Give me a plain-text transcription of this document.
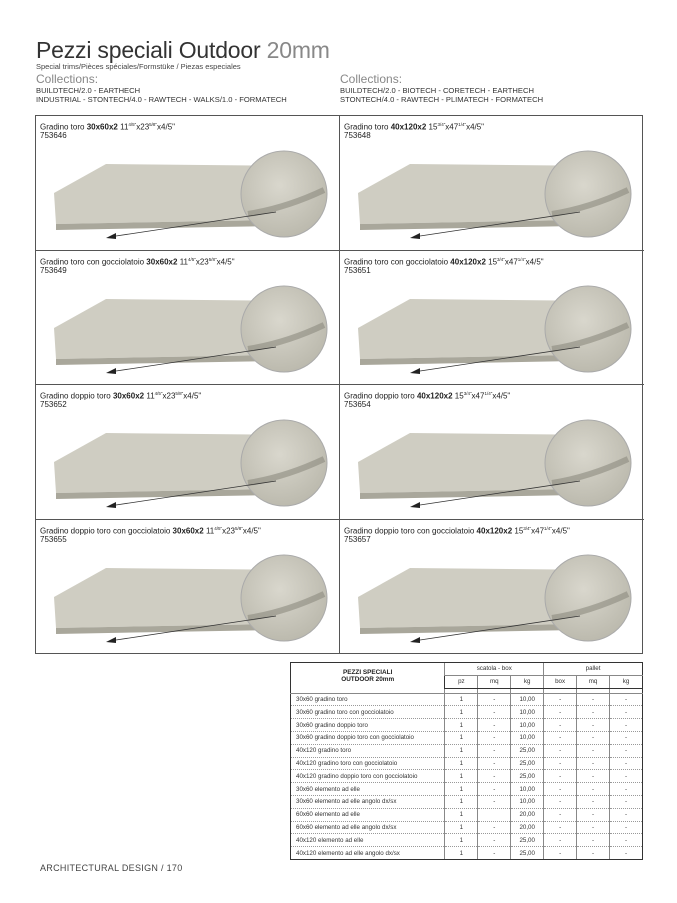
Pezzi speciali Outdoor 20mm
Special trims/Pièces spéciales/Formstüke / Piezas especiales
Collections:
BUILDTECH/2.0 - EARTHECH
INDUSTRIAL - STONTECH/4.0 - RAWTECH - WALKS/1.0 - FORMATECH
Collections:
BUILDTECH/2.0 - BIOTECH - CORETECH - EARTHECH
STONTECH/4.0 - RAWTECH - PLIMATECH - FORMATECH
Gradino toro 30x60x2 $11^{4/5"}x23^{5/8"}x4/5$"
753646
Gradino toro 40x120x2 $15^{3/4"}x47^{1/4"}x4/5$"
753648
Gradino toro con gocciolatoio 30x60x2 $11^{4/5"}x23^{5/8"}x4/5$"
753649
Gradino toro con gocciolatoio 40x120x2 $15^{3/4"}x47^{1/4"}x4/5$"
753651
Gradino doppio toro 30x60x2 $11^{4/5"}x23^{5/8"}x4/5$"
753652
Gradino doppio toro 40x120x2 $15^{3/4"}x47^{1/4"}x4/5$"
753654
Gradino doppio toro con gocciolatoio 30x60x2 $11^{4/5"}x23^{5/8"}x4/5$"
753655
Gradino doppio toro con gocciolatoio 40x120x2 $15^{3/4"}x47^{1/4"}x4/5$"
753657
PEZZI SPECIALI
OUTDOOR 20mm	scatola - box			pallet		
	pz	mq	kg	box	mq	kg

30x60 gradino toro	1	-	10,00	-	-	-
30x60 gradino toro con gocciolatoio	1	-	10,00	-	-	-
30x60 gradino doppio toro	1	-	10,00	-	-	-
30x60 gradino doppio toro con gocciolatoio	1	-	10,00	-	-	-
40x120 gradino toro	1	-	25,00	-	-	-
40x120 gradino toro con gocciolatoio	1	-	25,00	-	-	-
40x120 gradino doppio toro con gocciolatoio	1	-	25,00	-	-	-
30x60 elemento ad elle	1	-	10,00	-	-	-
30x60 elemento ad elle angolo dx/sx	1	-	10,00	-	-	-
60x60 elemento ad elle	1		20,00	-	-	-
60x60 elemento ad elle angolo dx/sx	1	-	20,00	-	-	-
40x120 elemento ad elle	1	-	25,00	-	-	-
40x120 elemento ad elle angolo dx/sx	1	-	25,00	-	-	-
ARCHITECTURAL DESIGN / 170
